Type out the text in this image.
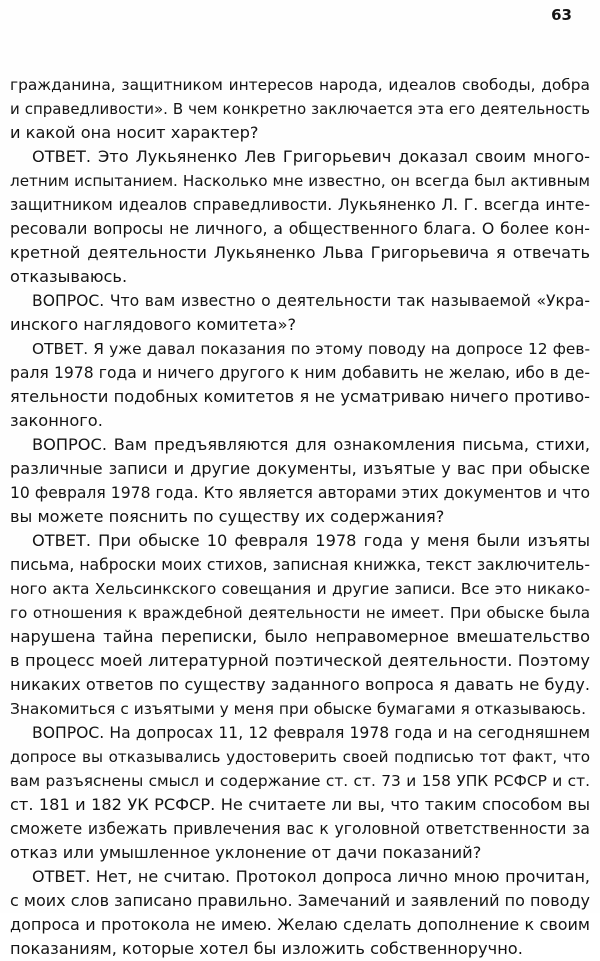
63
гражданина, защитником интересов народа, идеалов свободы, добра
и справедливости». В чем конкретно заключается эта его деятельность
и какой она носит характер?
ОТВЕТ. Это Лукьяненко Лев Григорьевич доказал своим много-
летним испытанием. Насколько мне известно, он всегда был активным
защитником идеалов справедливости. Лукьяненко Л. Г. всегда инте-
ресовали вопросы не личного, а общественного блага. О более кон-
кретной деятельности Лукьяненко Льва Григорьевича я отвечать
отказываюсь.
ВОПРОС. Что вам известно о деятельности так называемой «Укра-
инского наглядового комитета»?
ОТВЕТ. Я уже давал показания по этому поводу на допросе 12 фев-
раля 1978 года и ничего другого к ним добавить не желаю, ибо в де-
ятельности подобных комитетов я не усматриваю ничего противо-
законного.
ВОПРОС. Вам предъявляются для ознакомления письма, стихи,
различные записи и другие документы, изъятые у вас при обыске
10 февраля 1978 года. Кто является авторами этих документов и что
вы можете пояснить по существу их содержания?
ОТВЕТ. При обыске 10 февраля 1978 года у меня были изъяты
письма, наброски моих стихов, записная книжка, текст заключитель-
ного акта Хельсинкского совещания и другие записи. Все это никако-
го отношения к враждебной деятельности не имеет. При обыске была
нарушена тайна переписки, было неправомерное вмешательство
в процесс моей литературной поэтической деятельности. Поэтому
никаких ответов по существу заданного вопроса я давать не буду.
Знакомиться с изъятыми у меня при обыске бумагами я отказываюсь.
ВОПРОС. На допросах 11, 12 февраля 1978 года и на сегодняшнем
допросе вы отказывались удостоверить своей подписью тот факт, что
вам разъяснены смысл и содержание ст. ст. 73 и 158 УПК РСФСР и ст.
ст. 181 и 182 УК РСФСР. Не считаете ли вы, что таким способом вы
сможете избежать привлечения вас к уголовной ответственности за
отказ или умышленное уклонение от дачи показаний?
ОТВЕТ. Нет, не считаю. Протокол допроса лично мною прочитан,
с моих слов записано правильно. Замечаний и заявлений по поводу
допроса и протокола не имею. Желаю сделать дополнение к своим
показаниям, которые хотел бы изложить собственноручно.
